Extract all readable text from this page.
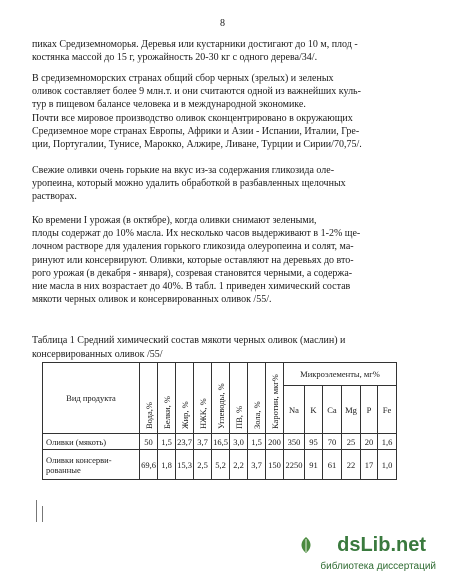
8
пиках Средиземноморья. Деревья или кустарники достигают до 10 м, плод -
костянка массой до 15 г, урожайность 20-30 кг с одного дерева/34/.
В средиземноморских странах общий сбор черных (зрелых) и зеленых
оливок составляет более 9 млн.т. и они считаются одной из важнейших куль-
тур в пищевом балансе человека и в международной экономике.
Почти все мировое производство оливок сконцентрировано в окружающих
Средиземное море странах Европы, Африки и Азии - Испании, Италии, Гре-
ции, Португалии, Тунисе, Марокко, Алжире, Ливане, Турции и Сирии/70,75/.
Свежие оливки очень горькие на вкус из-за содержания гликозида оле-
уропеина, который можно удалить обработкой в разбавленных щелочных
растворах.
Ко времени I урожая (в октябре), когда оливки снимают зелеными,
плоды содержат до 10% масла. Их несколько часов выдерживают в 1-2% ще-
лочном растворе для удаления горького гликозида олеуропеина и солят, ма-
ринуют или консервируют. Оливки, которые оставляют на деревьях до вто-
рого урожая (в декабря - января), созревая становятся черными, а содержа-
ние масла в них возрастает до 40%. В табл. 1 приведен химический состав
мякоти черных оливок и консервированных оливок /55/.
Таблица 1 Средний химический состав мякоти черных оливок (маслин) и
консервированных оливок /55/
Вид продукта	Вода,%	Белки, %	Жир, %	НЖК, %	Углеводы, %	ПВ, %	Зола, %	Каротин, мкг%	Микроэлементы, мг%					
									Na	K	Ca	Mg	P	Fe
Оливки (мякоть)	50	1,5	23,7	3,7	16,5	3,0	1,5	200	350	95	70	25	20	1,6

Оливки консерви-
рованные	69,6	1,8	15,3	2,5	5,2	2,2	3,7	150	2250	91	61	22	17	1,0
dsLib.net
библиотека диссертаций
